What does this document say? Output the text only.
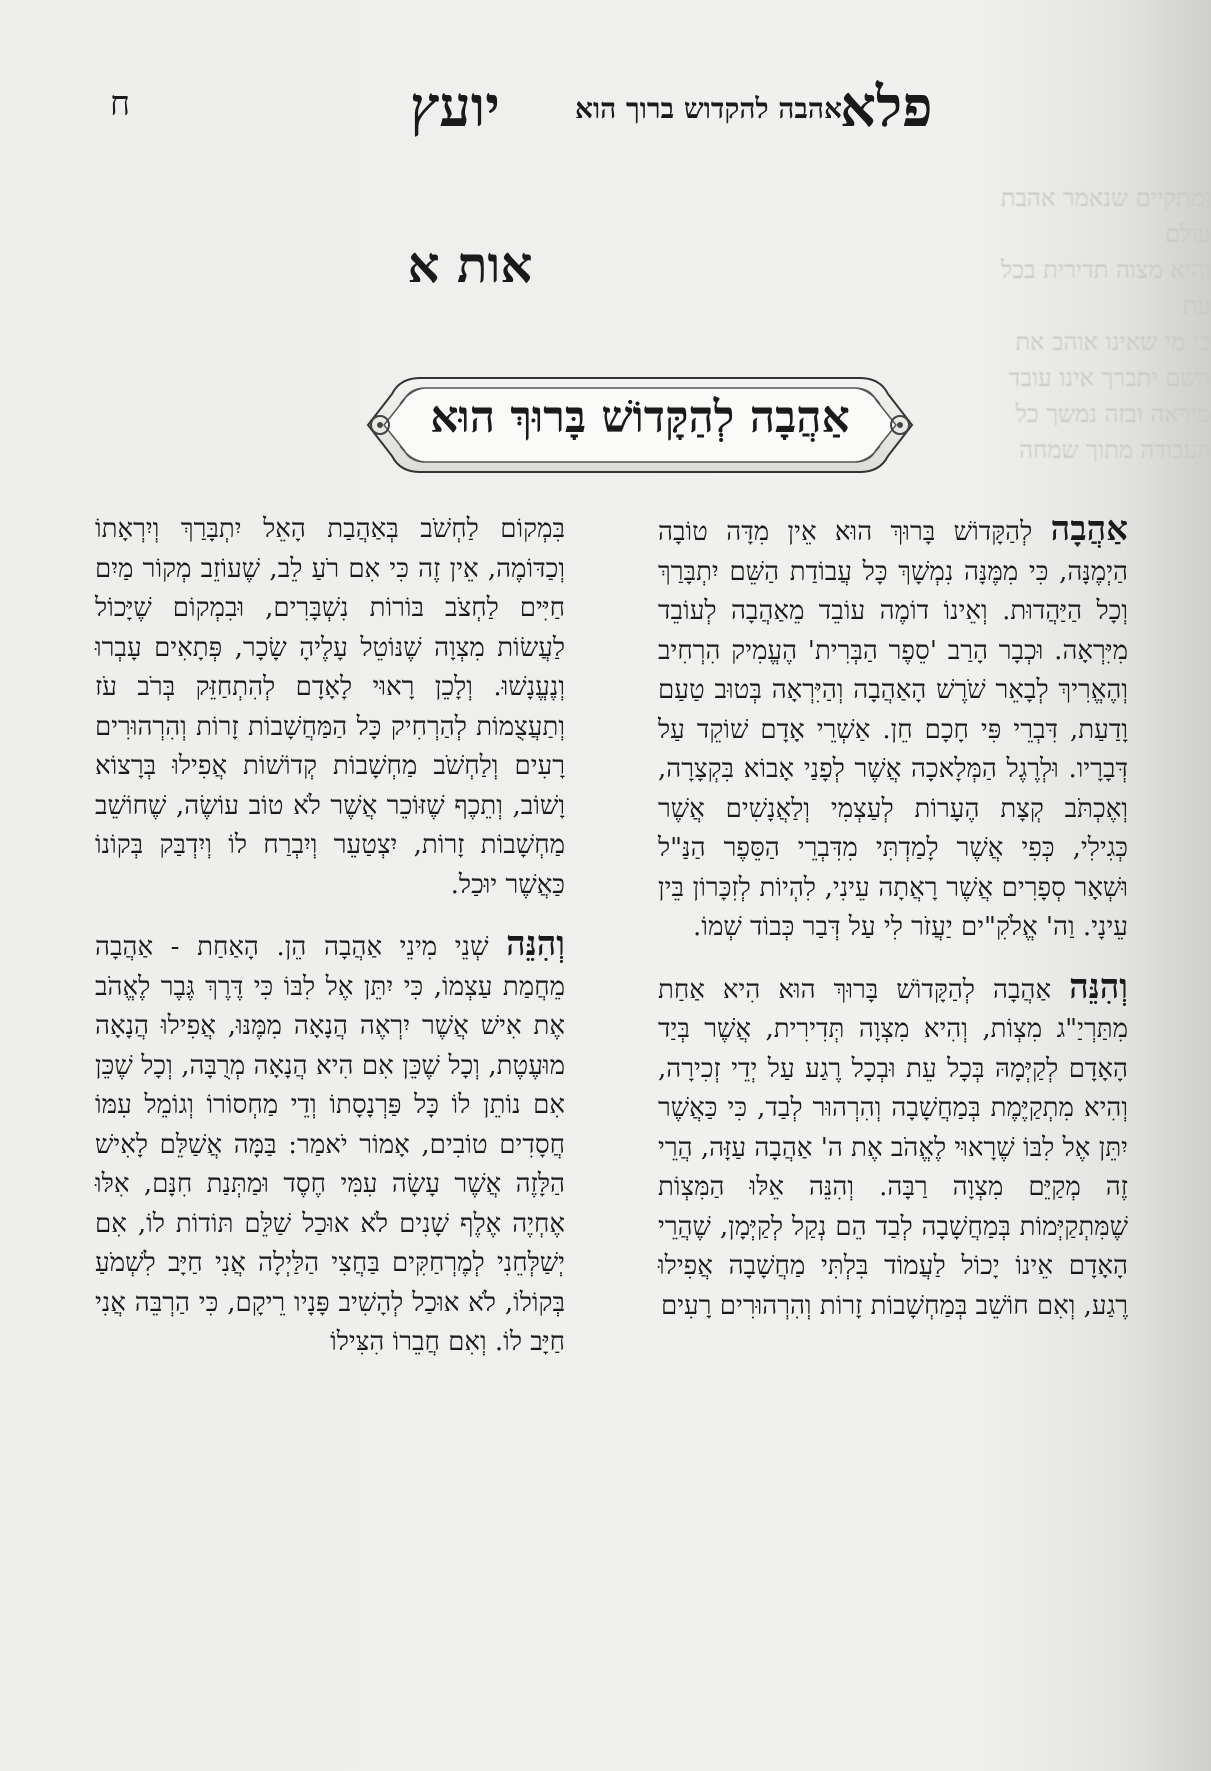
ח	יועץ	אהבה להקדוש ברוך הוא
פלא
ומתקיים שנאמר אהבת עולם
והיא מצוה תדירית בכל עת
כי מי שאינו אוהב את
השם יתברך אינו עובד
מיראה ובזה נמשך כל
העבודה מתוך שמחה
אות א
אַהֲבָה לְהַקָּדוֹשׁ בָּרוּךְ הוּא

אַהֲבָה לְהַקָּדוֹשׁ בָּרוּךְ הוּא אֵין מִדָּה טוֹבָה הַיְמֶנָּה, כִּי מִמֶּנָּה נִמְשָׁךְ כָּל עֲבוֹדַת הַשֵּׁם יִתְבָּרַךְ וְכָל הַיַּהֲדוּת. וְאֵינוֹ דוֹמֶה עוֹבֵד מֵאַהֲבָה לְעוֹבֵד מִיִּרְאָה. וּכְבָר הָרַב 'סֵפֶר הַבְּרִית' הֶעֱמִיק הִרְחִיב וְהֶאֱרִיךְ לְבָאֵר שֹׁרֶשׁ הָאַהֲבָה וְהַיִּרְאָה בְּטוּב טַעַם וָדַעַת, דִּבְרֵי פִּי חָכָם חֵן. אַשְׁרֵי אָדָם שׁוֹקֵד עַל דְּבָרָיו. וּלְרֶגֶל הַמְּלָאכָה אֲשֶׁר לְפָנַי אָבוֹא בִּקְצָרָה, וְאֶכְתֹּב קְצָת הֶעָרוֹת לְעַצְמִי וְלַאֲנָשִׁים אֲשֶׁר כְּגִילִי, כְּפִי אֲשֶׁר לָמַדְתִּי מִדִּבְרֵי הַסֵּפֶר הַנַּ"ל וּשְׁאָר סְפָרִים אֲשֶׁר רָאֲתָה עֵינִי, לִהְיוֹת לְזִכָּרוֹן בֵּין עֵינָי. וַה' אֱלֹקִ"ים יַעֲזֹר לִי עַל דְּבַר כְּבוֹד שְׁמוֹ.

וְהִנֵּה אַהֲבָה לְהַקָּדוֹשׁ בָּרוּךְ הוּא הִיא אַחַת מִתַּרְיַ"ג מִצְוֹת, וְהִיא מִצְוָה תְּדִירִית, אֲשֶׁר בְּיַד הָאָדָם לְקַיְּמָהּ בְּכָל עֵת וּבְכָל רֶגַע עַל יְדֵי זְכִירָה, וְהִיא מִתְקַיֶּמֶת בְּמַחֲשָׁבָה וְהִרְהוּר לְבַד, כִּי כַּאֲשֶׁר יִתֵּן אֶל לִבּוֹ שֶׁרָאוּי לֶאֱהֹב אֶת ה' אַהֲבָה עַזָּה, הֲרֵי זֶה מְקַיֵּם מִצְוָה רַבָּה. וְהִנֵּה אֵלּוּ הַמִּצְוֹת שֶׁמִּתְקַיְּמוֹת בְּמַחֲשָׁבָה לְבַד הֵם נְקַל לְקַיְּמָן, שֶׁהֲרֵי הָאָדָם אֵינוֹ יָכוֹל לַעֲמוֹד בִּלְתִּי מַחֲשָׁבָה אֲפִילוּ רֶגַע, וְאִם חוֹשֵׁב בְּמַחְשָׁבוֹת זָרוֹת וְהִרְהוּרִים רָעִים

בִּמְקוֹם לַחְשֹׁב בְּאַהֲבַת הָאֵל יִתְבָּרַךְ וְיִרְאָתוֹ וְכַדּוֹמֶה, אֵין זֶה כִּי אִם רֹעַ לֵב, שֶׁעוֹזֵב מְקוֹר מַיִם חַיִּים לַחְצֹב בּוֹרוֹת נִשְׁבָּרִים, וּבִמְקוֹם שֶׁיָּכוֹל לַעֲשׂוֹת מִצְוָה שֶׁנּוֹטֵל עָלֶיהָ שָׂכָר, פְּתָאִים עָבְרוּ וְנֶעֱנָשׁוּ. וְלָכֵן רָאוּי לָאָדָם לְהִתְחַזֵּק בְּרֹב עֹז וְתַעֲצֻמוֹת לְהַרְחִיק כָּל הַמַּחֲשָׁבוֹת זָרוֹת וְהִרְהוּרִים רָעִים וְלַחְשֹׁב מַחְשָׁבוֹת קְדוֹשׁוֹת אֲפִילוּ בְּרָצוֹא וָשׁוֹב, וְתֵכֶף שֶׁזּוֹכֵר אֲשֶׁר לֹא טוֹב עוֹשֶׂה, שֶׁחוֹשֵׁב מַחְשָׁבוֹת זָרוֹת, יִצְטַעֵר וְיִבְרַח לוֹ וְיִדְבַּק בְּקוֹנוֹ כַּאֲשֶׁר יוּכַל.

וְהִנֵּה שְׁנֵי מִינֵי אַהֲבָה הֵן. הָאַחַת - אַהֲבָה מֵחֲמַת עַצְמוֹ, כִּי יִתֵּן אֶל לִבּוֹ כִּי דֶּרֶךְ גֶּבֶר לֶאֱהֹב אֶת אִישׁ אֲשֶׁר יִרְאֶה הֲנָאָה מִמֶּנּוּ, אֲפִילוּ הֲנָאָה מוּעֶטֶת, וְכָל שֶׁכֵּן אִם הִיא הֲנָאָה מְרֻבָּה, וְכָל שֶׁכֵּן אִם נוֹתֵן לוֹ כָּל פַּרְנָסָתוֹ וְדֵי מַחְסוֹרוֹ וְגוֹמֵל עִמּוֹ חֲסָדִים טוֹבִים, אָמוֹר יֹאמַר: בַּמָּה אֲשַׁלֵּם לָאִישׁ הַלָּזֶה אֲשֶׁר עָשָׂה עִמִּי חֶסֶד וּמַתְּנַת חִנָּם, אִלּוּ אֶחְיֶה אֶלֶף שָׁנִים לֹא אוּכַל שַׁלֵּם תּוֹדוֹת לוֹ, אִם יְשַׁלְּחֵנִי לְמֶרְחַקִּים בַּחֲצִי הַלַּיְלָה אֲנִי חַיָּב לִשְׁמֹעַ בְּקוֹלוֹ, לֹא אוּכַל לְהָשִׁיב פָּנָיו רֵיקָם, כִּי הַרְבֵּה אֲנִי חַיָּב לוֹ. וְאִם חֲבֵרוֹ הִצִּילוֹ
